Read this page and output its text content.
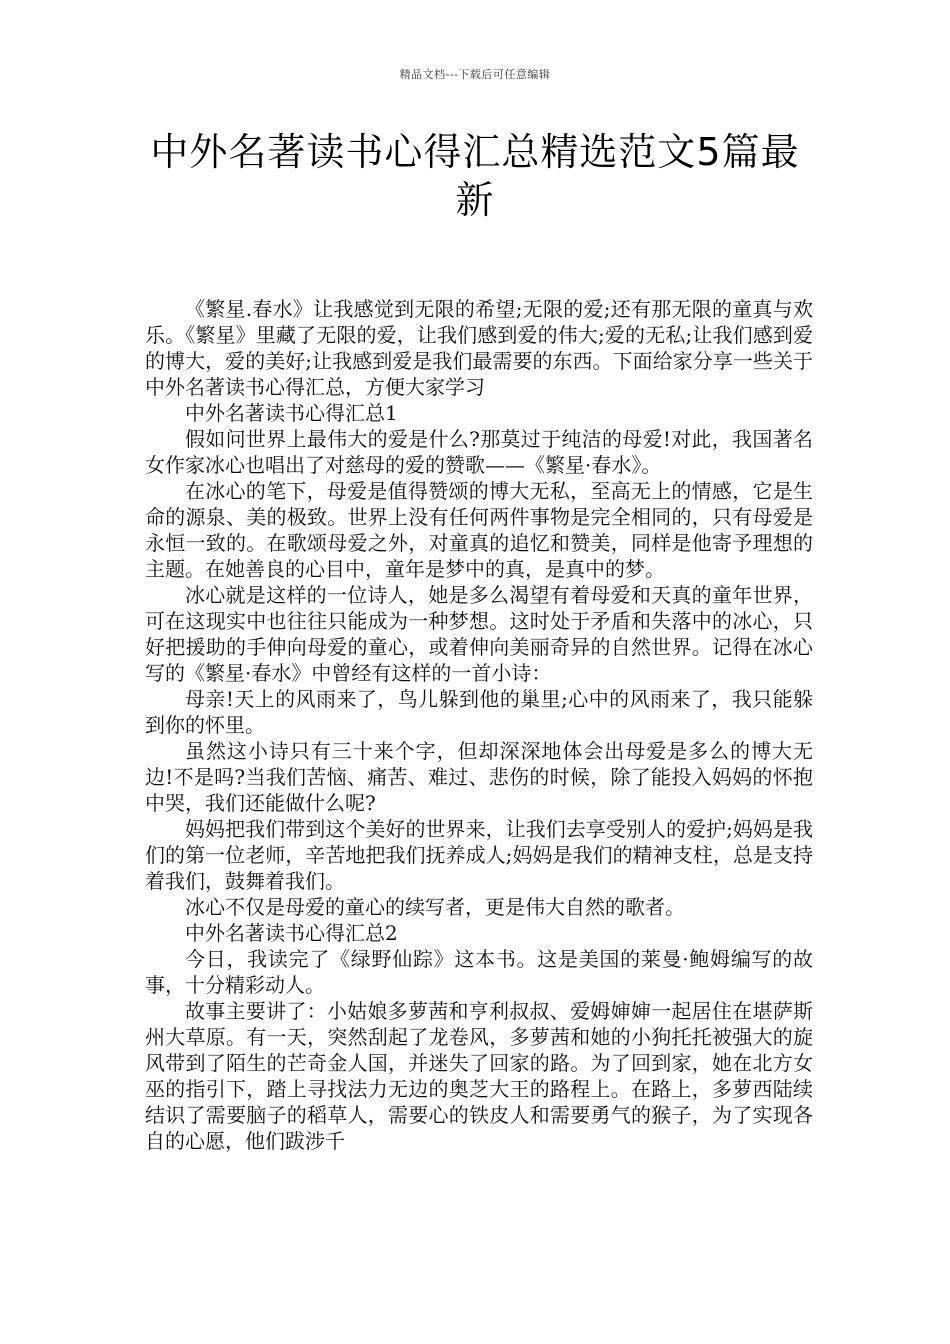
精品文档---下载后可任意编辑
中外名著读书心得汇总精选范文5篇最新

《繁星.春水》让我感觉到无限的希望;无限的爱;还有那无限的童真与欢乐。《繁星》里藏了无限的爱，让我们感到爱的伟大;爱的无私;让我们感到爱的博大，爱的美好;让我感到爱是我们最需要的东西。下面给家分享一些关于中外名著读书心得汇总，方便大家学习

中外名著读书心得汇总1

假如问世界上最伟大的爱是什么?那莫过于纯洁的母爱!对此，我国著名女作家冰心也唱出了对慈母的爱的赞歌——《繁星·春水》。

在冰心的笔下，母爱是值得赞颂的博大无私，至高无上的情感，它是生命的源泉、美的极致。世界上没有任何两件事物是完全相同的，只有母爱是永恒一致的。在歌颂母爱之外，对童真的追忆和赞美，同样是他寄予理想的主题。在她善良的心目中，童年是梦中的真，是真中的梦。

冰心就是这样的一位诗人，她是多么渴望有着母爱和天真的童年世界，可在这现实中也往往只能成为一种梦想。这时处于矛盾和失落中的冰心，只好把援助的手伸向母爱的童心，或着伸向美丽奇异的自然世界。记得在冰心写的《繁星·春水》中曾经有这样的一首小诗：

母亲!天上的风雨来了，鸟儿躲到他的巢里;心中的风雨来了，我只能躲到你的怀里。

虽然这小诗只有三十来个字，但却深深地体会出母爱是多么的博大无边!不是吗?当我们苦恼、痛苦、难过、悲伤的时候，除了能投入妈妈的怀抱中哭，我们还能做什么呢?

妈妈把我们带到这个美好的世界来，让我们去享受别人的爱护;妈妈是我们的第一位老师，辛苦地把我们抚养成人;妈妈是我们的精神支柱，总是支持着我们，鼓舞着我们。

冰心不仅是母爱的童心的续写者，更是伟大自然的歌者。

中外名著读书心得汇总2

今日，我读完了《绿野仙踪》这本书。这是美国的莱曼·鲍姆编写的故事，十分精彩动人。

故事主要讲了：小姑娘多萝茜和亨利叔叔、爱姆婶婶一起居住在堪萨斯州大草原。有一天，突然刮起了龙卷风，多萝茜和她的小狗托托被强大的旋风带到了陌生的芒奇金人国，并迷失了回家的路。为了回到家，她在北方女巫的指引下，踏上寻找法力无边的奥芝大王的路程上。在路上，多萝西陆续结识了需要脑子的稻草人，需要心的铁皮人和需要勇气的猴子，为了实现各自的心愿，他们跋涉千
